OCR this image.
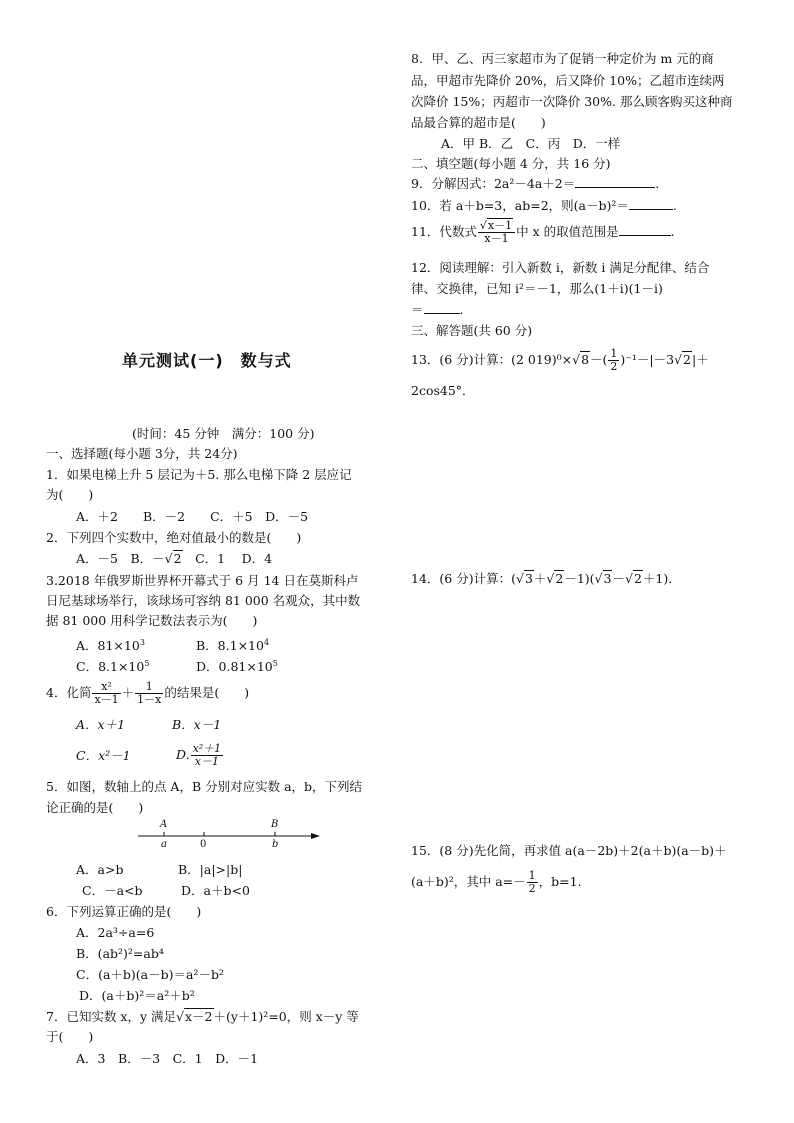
单元测试(一)　数与式
(时间：45 分钟　满分：100 分)
一、选择题(每小题 3分，共 24分)
1．如果电梯上升 5 层记为＋5. 那么电梯下降 2 层应记
为(　　)
A．＋2　　B．－2　　C．＋5　D．－5
2．下列四个实数中，绝对值最小的数是(　　)
A．－5　B．－√2　C．1　 D．4
3.2018 年俄罗斯世界杯开幕式于 6 月 14 日在莫斯科卢
日尼基球场举行，该球场可容纳 81 000 名观众，其中数
据 81 000 用科学记数法表示为(　　)
A．$81\times 10^3$	B．$8.1\times 10^4$
C．$8.1\times 10^5$	D．$0.81\times 10^5$
4．化简 $\frac{\text{x²}}{x-1} + \frac{1}{1-x}$ 的结果是(　　)
A．x＋1	B．x－1
C．x²－1	D. $\frac{\text{x²＋1}}{x-1}$
5．如图，数轴上的点 A，B 分别对应实数 a，b，下列结
论正确的是(　　)
A
a	0
B
b
A．a>b	B．|a|>|b|
C．－a<b	D．a＋b<0
6．下列运算正确的是(　　)
A．2a³÷a=6
B．(ab²)²=ab⁴
C．(a＋b)(a－b)＝a²－b²
D．(a＋b)²＝a²＋b²
7．已知实数 x，y 满足√x－2＋(y＋1)²=0，则 x－y 等
于(　　)
A．3　B．－3　C．1　D．－1
8．甲、乙、丙三家超市为了促销一种定价为 m 元的商
品，甲超市先降价 20%，后又降价 10%；乙超市连续两
次降价 15%；丙超市一次降价 30%. 那么顾客购买这种商
品最合算的超市是(　　)
A．甲 B．乙　C．丙　D．一样
二、填空题(每小题 4 分，共 16 分)
9．分解因式：2a²－4a＋2＝	.
10．若 a＋b=3，ab=2，则(a－b)²＝	.
11．代数式 $\frac{√x-1}{x-1}$ 中 x 的取值范围是	.
12．阅读理解：引入新数 i，新数 i 满足分配律、结合
律、交换律，已知 i²＝－1，那么(1＋i)(1－i)
＝	.
三、解答题(共 60 分)
13．(6 分)计算：(2 $019)^0\times√8-( \frac{1}{2} )^{-1}-|-3√2|+$
2cos45°．
14．(6 分)计算：(√3＋√2－1)(√3－√2＋1)．
15．(8 分)先化简，再求值 a(a－2b)＋2(a＋b)(a－b)＋
(a＋b)²，其中 $a=- \frac{1}{2}$ ，b=1.
